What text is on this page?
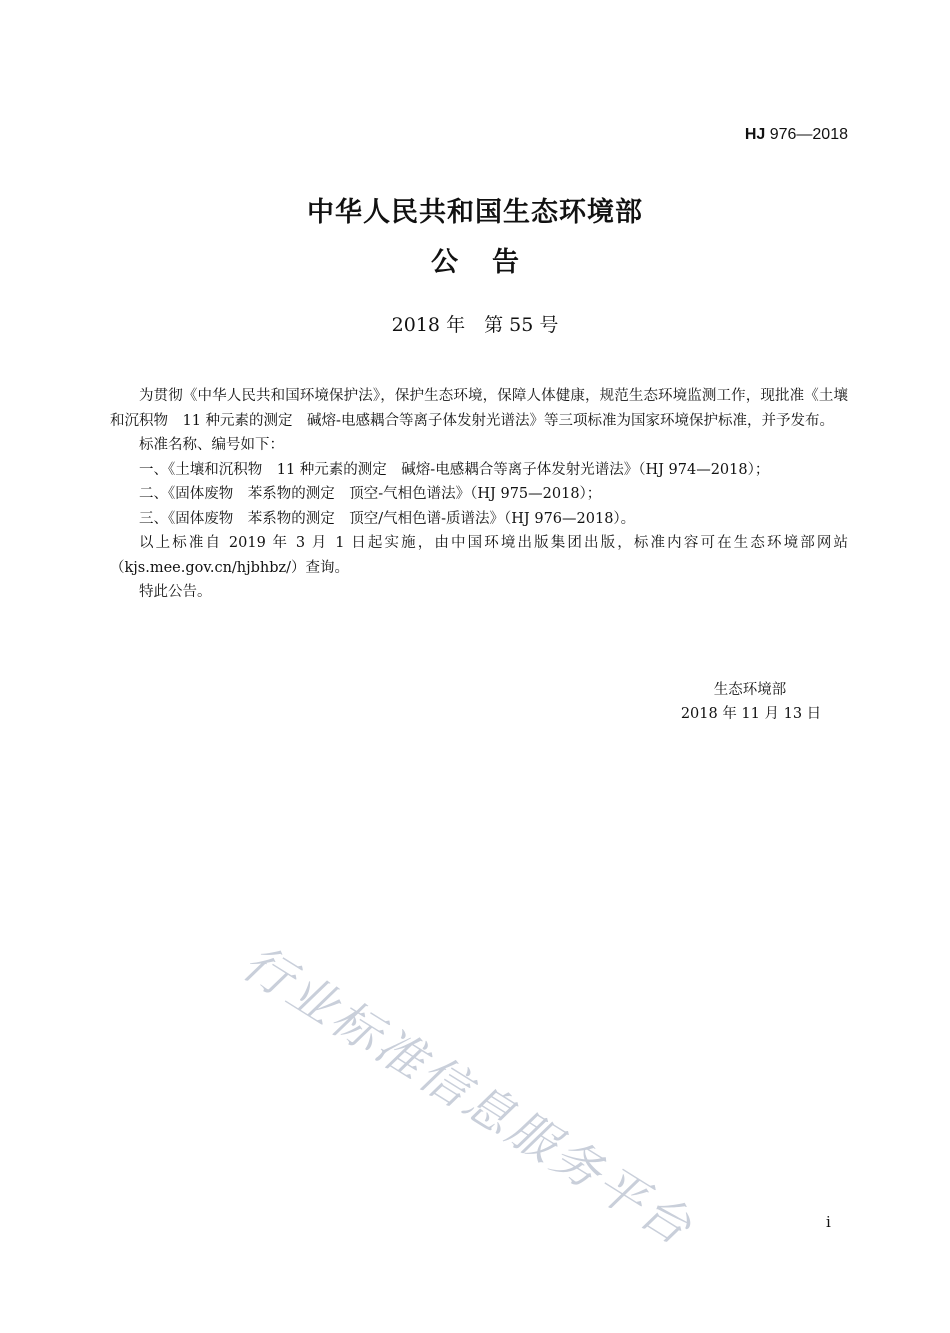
HJ 976—2018
中华人民共和国生态环境部
公告
2018 年　第 55 号

为贯彻《中华人民共和国环境保护法》，保护生态环境，保障人体健康，规范生态环境监测工作，现批准《土壤和沉积物　11 种元素的测定　碱熔-电感耦合等离子体发射光谱法》等三项标准为国家环境保护标准，并予发布。

标准名称、编号如下：

一、《土壤和沉积物　11 种元素的测定　碱熔-电感耦合等离子体发射光谱法》（HJ 974—2018）；

二、《固体废物　苯系物的测定　顶空-气相色谱法》（HJ 975—2018）；

三、《固体废物　苯系物的测定　顶空/气相色谱-质谱法》（HJ 976—2018）。

以上标准自 2019 年 3 月 1 日起实施，由中国环境出版集团出版，标准内容可在生态环境部网站（kjs.mee.gov.cn/hjbhbz/）查询。

特此公告。

生态环境部
2018 年 11 月 13 日
行业标准信息服务平台	i
